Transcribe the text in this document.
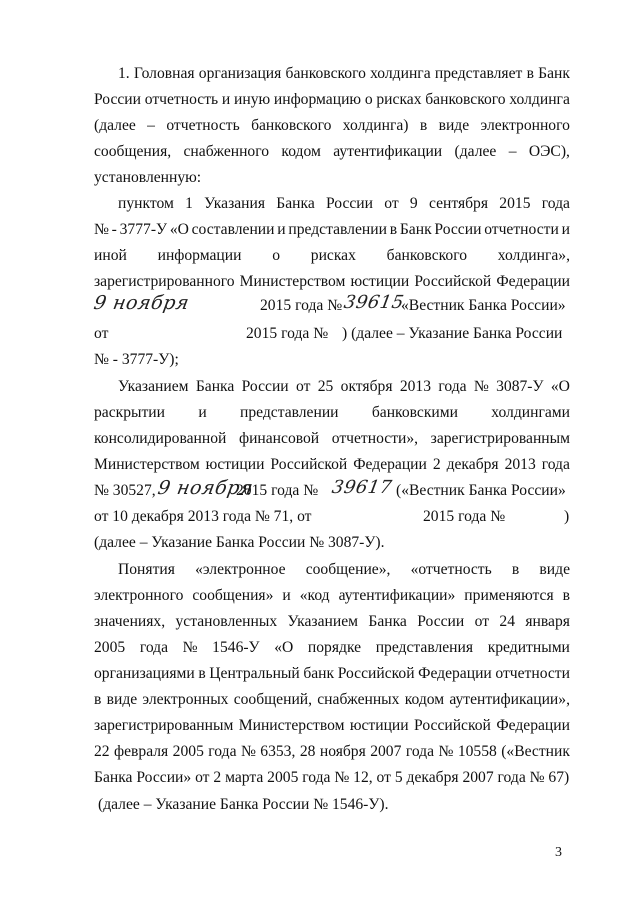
1. Головная организация банковского холдинга представляет в Банк
России отчетность и иную информацию о рисках банковского холдинга
(далее – отчетность банковского холдинга) в виде электронного
сообщения, снабженного кодом аутентификации (далее – ОЭС),
установленную:
пунктом 1 Указания Банка России от 9 сентября 2015 года
№ - 3777-У «О составлении и представлении в Банк России отчетности и
иной информации о рисках банковского холдинга»,
зарегистрированного Министерством юстиции Российской Федерации
9 ноября	2015 года № 39615
«Вестник Банка России»
от	2015 года № ) (далее – Указание Банка России
№ - 3777-У);
Указанием Банка России от 25 октября 2013 года № 3087-У «О
раскрытии и представлении банковскими холдингами
консолидированной финансовой отчетности», зарегистрированным
Министерством юстиции Российской Федерации 2 декабря 2013 года
№ 30527, 9 ноября
2015 года № 39617 («Вестник Банка России»
от 10 декабря 2013 года № 71, от	2015 года №	)
(далее – Указание Банка России № 3087-У).
Понятия «электронное сообщение», «отчетность в виде
электронного сообщения» и «код аутентификации» применяются в
значениях, установленных Указанием Банка России от 24 января
2005 года № 1546-У «О порядке представления кредитными
организациями в Центральный банк Российской Федерации отчетности
в виде электронных сообщений, снабженных кодом аутентификации»,
зарегистрированным Министерством юстиции Российской Федерации
22 февраля 2005 года № 6353, 28 ноября 2007 года № 10558 («Вестник
Банка России» от 2 марта 2005 года № 12, от 5 декабря 2007 года № 67)
(далее – Указание Банка России № 1546-У).
3
